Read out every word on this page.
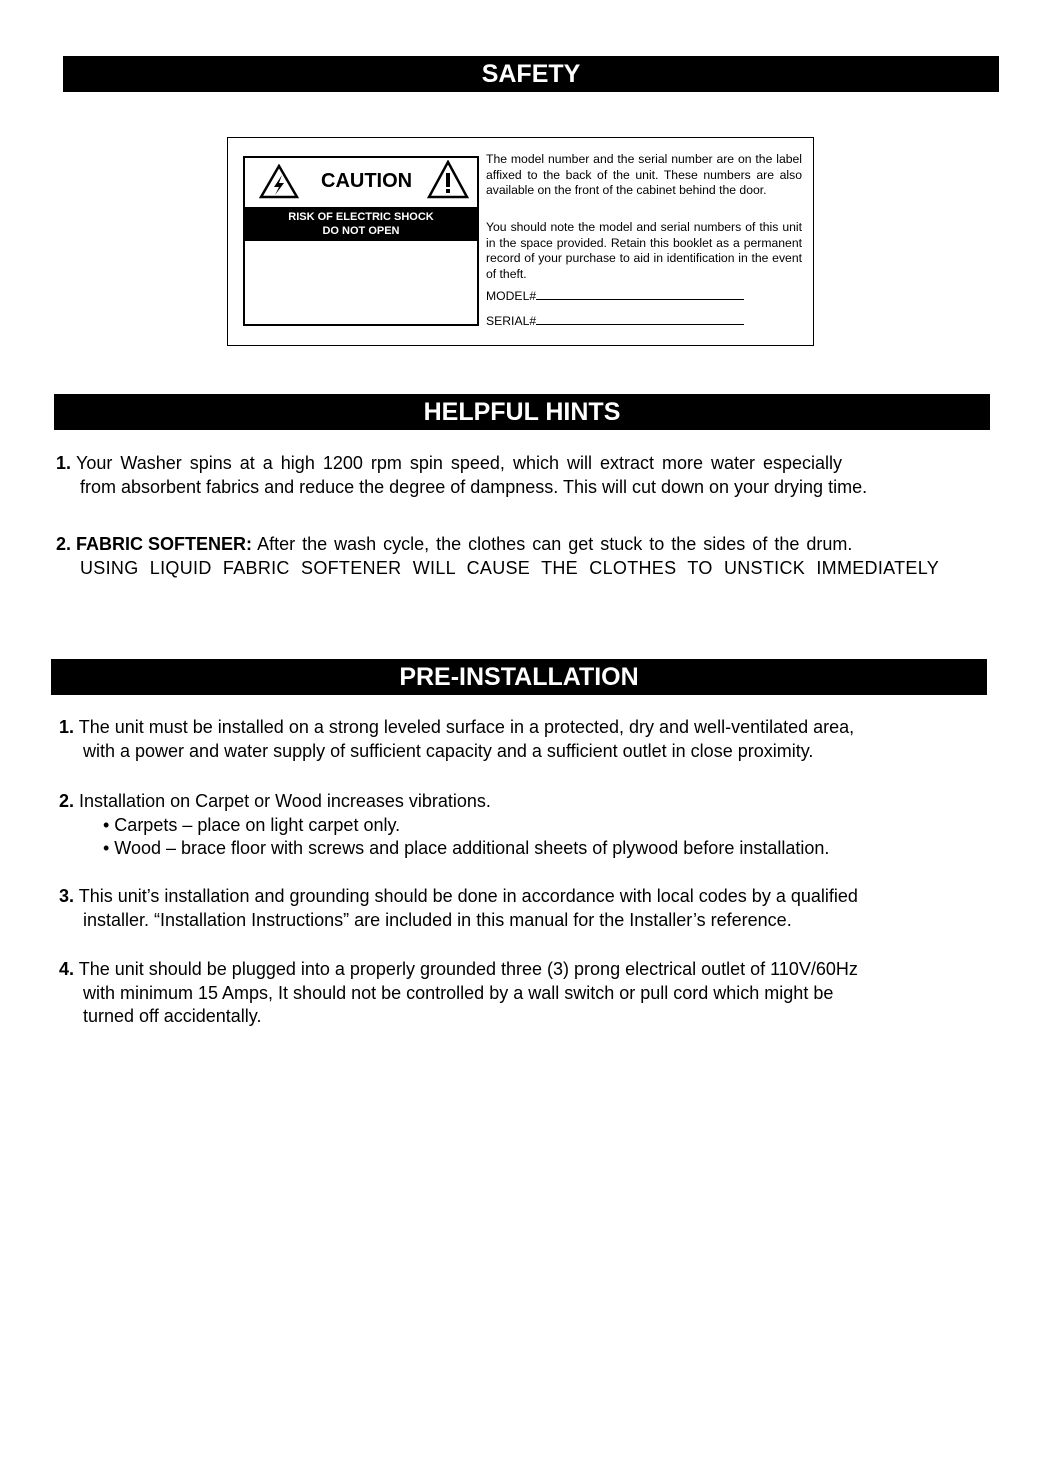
SAFETY
CAUTION
RISK OF ELECTRIC SHOCK
DO NOT OPEN
The model number and the serial number are on the label affixed to the back of the unit. These numbers are also available on the front of the cabinet behind the door.
You should note the model and serial numbers of this unit in the space provided. Retain this booklet as a permanent record of your purchase to aid in identification in the event of theft.
MODEL#
SERIAL#
HELPFUL HINTS
1. Your Washer spins at a high 1200 rpm spin speed, which will extract more water especially
from absorbent fabrics and reduce the degree of dampness. This will cut down on your drying time.
2. FABRIC SOFTENER: After the wash cycle, the clothes can get stuck to the sides of the drum.
USING LIQUID FABRIC SOFTENER WILL CAUSE THE CLOTHES TO UNSTICK IMMEDIATELY
PRE-INSTALLATION
1. The unit must be installed on a strong leveled surface in a protected, dry and well-ventilated area,
with a power and water supply of sufficient capacity and a sufficient outlet in close proximity.
2. Installation on Carpet or Wood increases vibrations.
• Carpets – place on light carpet only.
• Wood – brace floor with screws and place additional sheets of plywood before installation.
3. This unit’s installation and grounding should be done in accordance with local codes by a qualified
installer. “Installation Instructions” are included in this manual for the Installer’s reference.
4. The unit should be plugged into a properly grounded three (3) prong electrical outlet of 110V/60Hz
with minimum 15 Amps, It should not be controlled by a wall switch or pull cord which might be
turned off accidentally.
